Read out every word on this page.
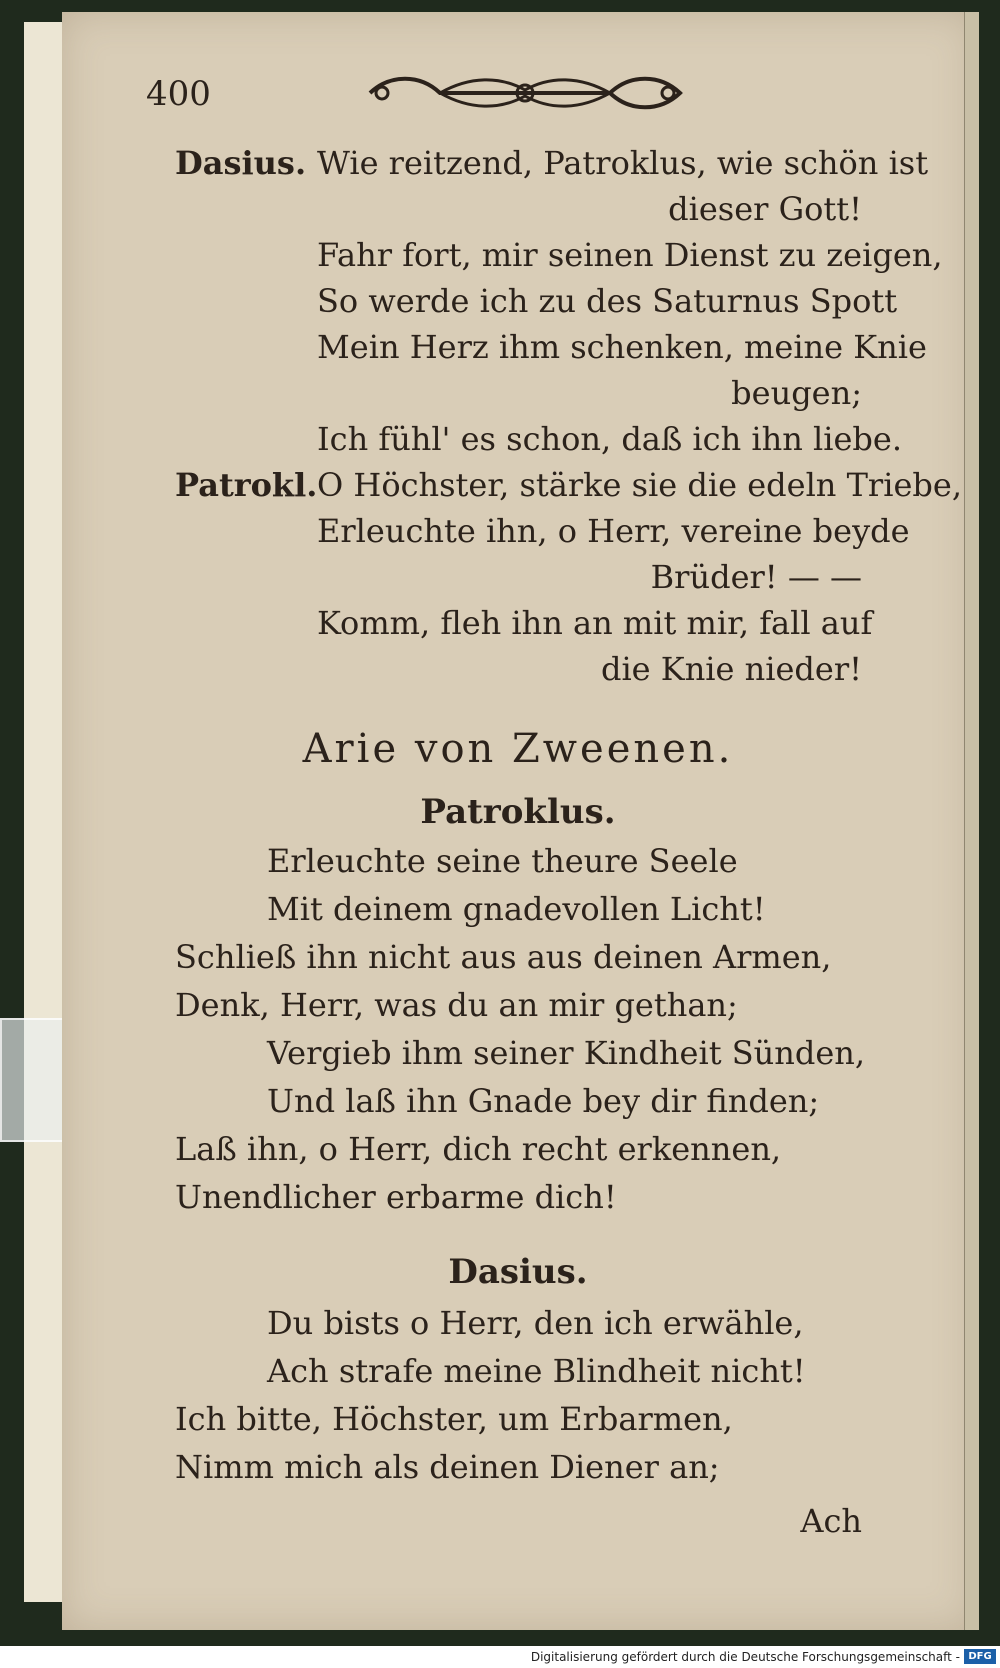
400
Dasius. Wie reitzend, Patroklus, wie schön ist
dieser Gott!
Fahr fort, mir seinen Dienst zu zeigen,
So werde ich zu des Saturnus Spott
Mein Herz ihm schenken, meine Knie
beugen;
Ich fühl' es schon, daß ich ihn liebe.
Patrokl. O Höchster, stärke sie die edeln Triebe,
Erleuchte ihn, o Herr, vereine beyde
Brüder! — —
Komm, fleh ihn an mit mir, fall auf
die Knie nieder!
Arie von Zweenen.
Patroklus.
Erleuchte seine theure Seele
Mit deinem gnadevollen Licht!
Schließ ihn nicht aus aus deinen Armen,
Denk, Herr, was du an mir gethan;
Vergieb ihm seiner Kindheit Sünden,
Und laß ihn Gnade bey dir finden;
Laß ihn, o Herr, dich recht erkennen,
Unendlicher erbarme dich!
Dasius.
Du bists o Herr, den ich erwähle,
Ach strafe meine Blindheit nicht!
Ich bitte, Höchster, um Erbarmen,
Nimm mich als deinen Diener an;
Ach
Digitalisierung gefördert durch die Deutsche Forschungsgemeinschaft - DFG
